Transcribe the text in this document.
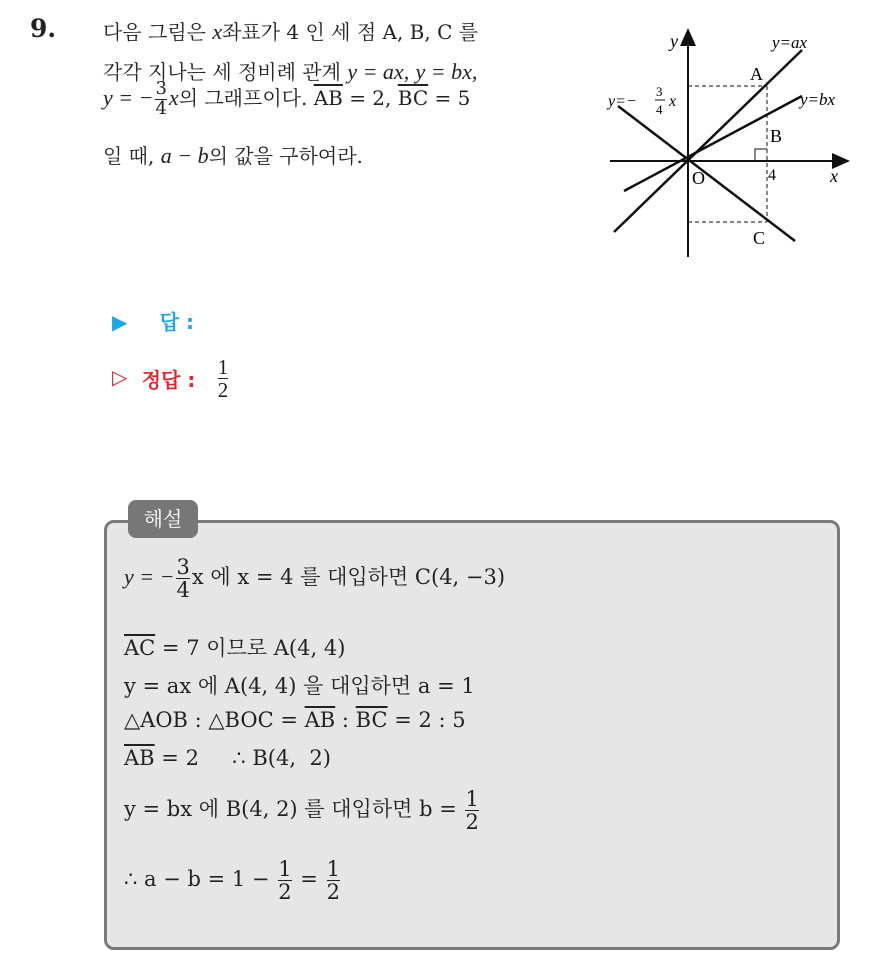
9. 다음 그림은 x좌표가 4 인 세 점 A, B, C 를
각각 지나는 세 정비례 관계 y = ax, y = bx,
y = − $\frac{3}{4}$ x의 그래프이다. $\overline{AB} = 2$, $\overline{BC} = 5$
일 때, a − b의 값을 구하여라.
y
x
O	4
y=ax
y=bx
y=−
3
4 x
A
B
C
▶ 답 :
▷ 정답 : $\frac{1}{2}$
해설
y = − $\frac{3}{4}$ x 에 x = 4 를 대입하면 C(4, −3)
$\overline{AC} = 7$ 이므로 A(4, 4)
y = ax 에 A(4, 4) 을 대입하면 a = 1
△AOB : △BOC = $\overline{AB}$ : $\overline{BC} = 2$ : 5
$\overline{AB} = 2$     ∴ B(4,  2)
y = bx 에 B(4, 2) 를 대입하면 $b = \frac{1}{2}$
∴ $a - b = 1 - \frac{1}{2} = \frac{1}{2}$
